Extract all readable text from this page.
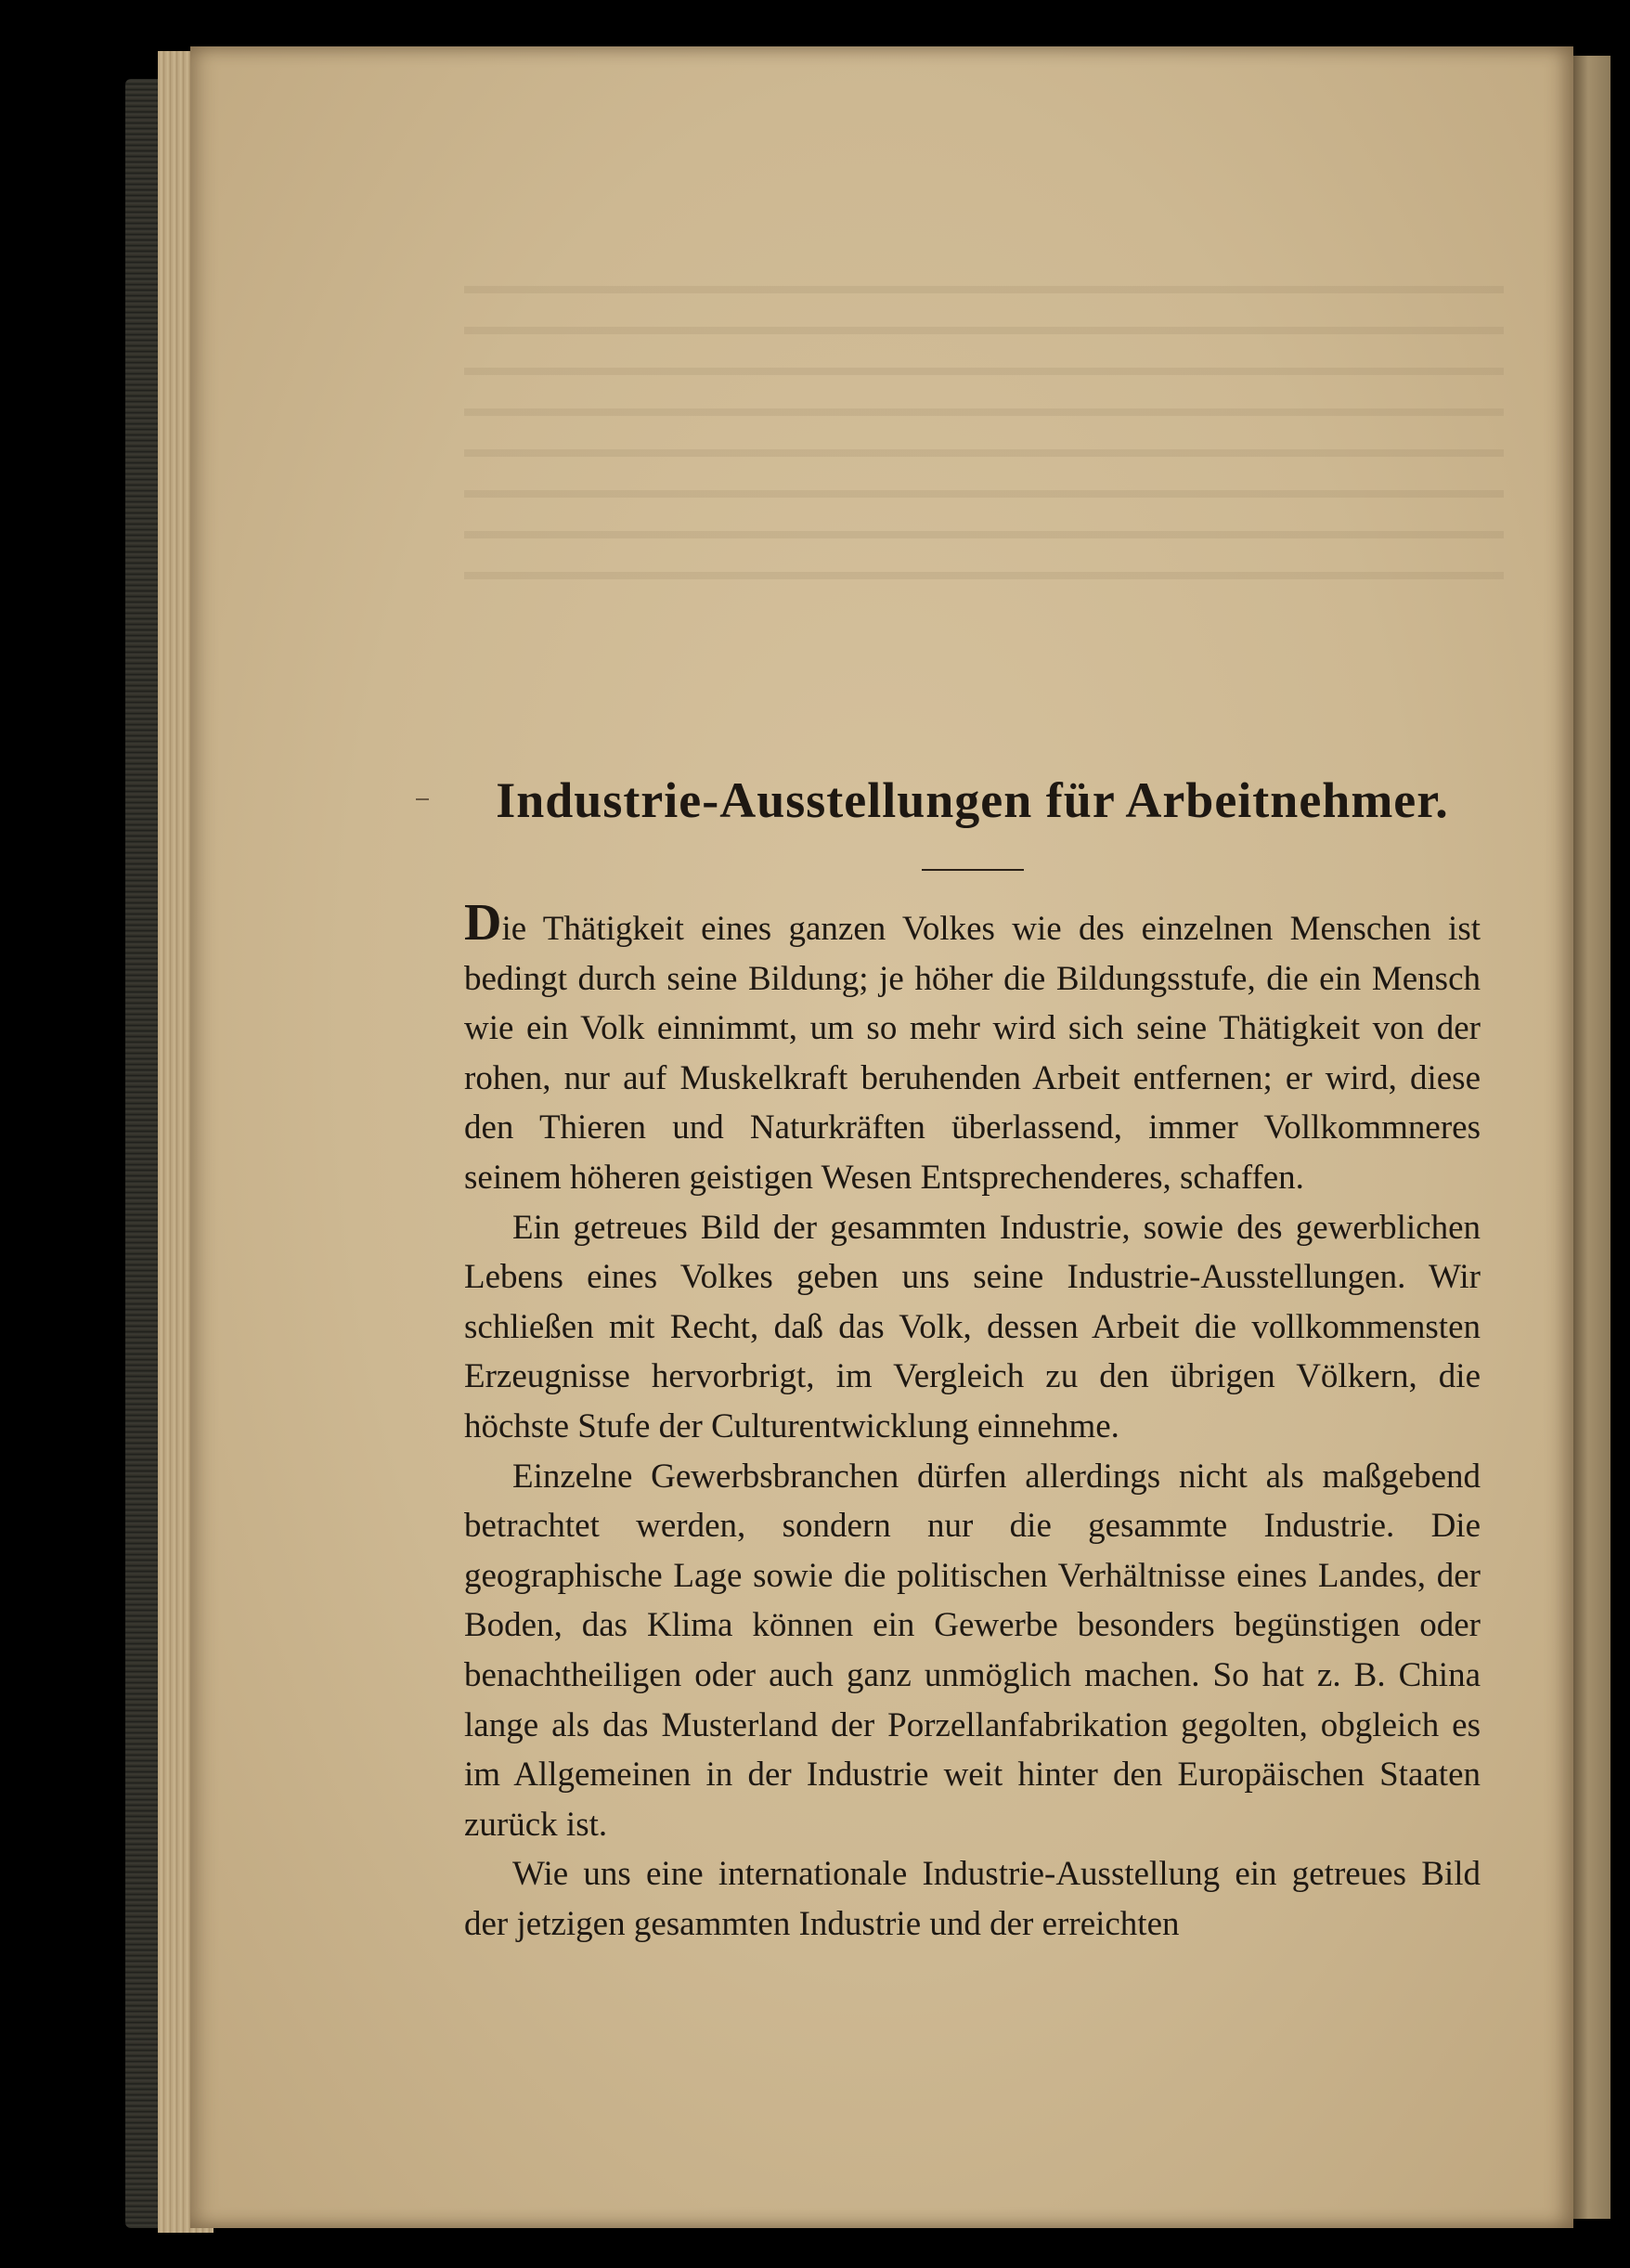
Industrie-Ausstellungen für Arbeitnehmer.

Die Thätigkeit eines ganzen Volkes wie des einzelnen Menschen ist bedingt durch seine Bildung; je höher die Bildungsstufe, die ein Mensch wie ein Volk einnimmt, um so mehr wird sich seine Thätigkeit von der rohen, nur auf Muskelkraft beruhenden Arbeit entfernen; er wird, diese den Thieren und Naturkräften überlassend, immer Vollkommneres seinem höheren geistigen Wesen Entsprechenderes, schaffen.

Ein getreues Bild der gesammten Industrie, sowie des gewerblichen Lebens eines Volkes geben uns seine Industrie-Ausstellungen. Wir schließen mit Recht, daß das Volk, dessen Arbeit die vollkommensten Erzeugnisse hervorbrigt, im Vergleich zu den übrigen Völkern, die höchste Stufe der Culturentwicklung einnehme.

Einzelne Gewerbsbranchen dürfen allerdings nicht als maßgebend betrachtet werden, sondern nur die gesammte Industrie. Die geographische Lage sowie die politischen Verhältnisse eines Landes, der Boden, das Klima können ein Gewerbe besonders begünstigen oder benachtheiligen oder auch ganz unmöglich machen. So hat z. B. China lange als das Musterland der Porzellanfabrikation gegolten, obgleich es im Allgemeinen in der Industrie weit hinter den Europäischen Staaten zurück ist.

Wie uns eine internationale Industrie-Ausstellung ein getreues Bild der jetzigen gesammten Industrie und der erreichten
